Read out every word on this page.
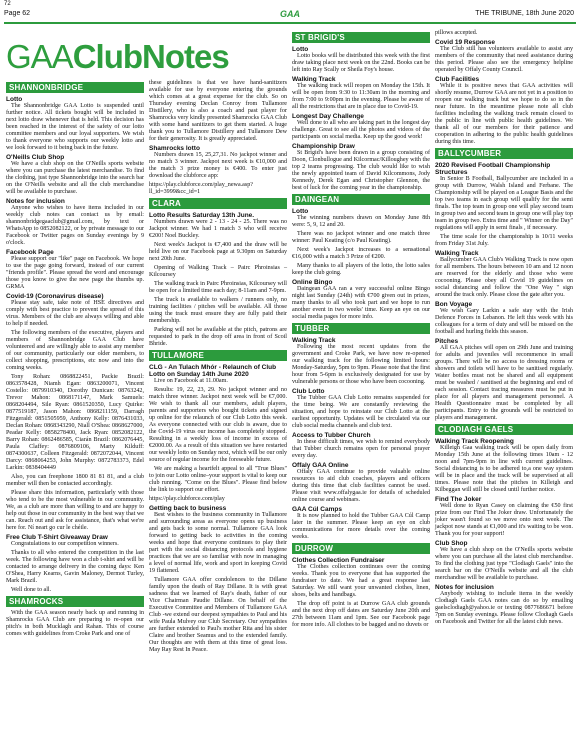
72
Page 62	GAA	THE TRIBUNE, 18th June 2020
GAAClubNotes
SHANNONBRIDGE
Lotto

The Shannonbridge GAA Lotto is suspended until further notice. All tickets bought will be included in next lotto draw whenever that is held. This decision has been reached in the interest of the safety of our lotto committee members and our loyal supporters. We wish to thank everyone who supports our weekly lotto and we look forward to it being back in the future.

O'Neills Club Shop

We have a club shop on the O'Neills sports website where you can purchase the latest merchandise. To find the clothing, just type Shannonbridge into the search bar on the O'Neills website and all the club merchandise will be available to purchase.

Notes for inclusion

Anyone who wishes to have items included in our weekly club notes can contact us by email: shannonbridgegaaclub@gmail.com, by text or WhatsApp to 0852082122, or by private message to our Facebook or Twitter pages on Sunday evenings by 9 o'clock.

Facebook Page

Please support our "like" page on Facebook. We hope to use the page going forward, instead of our current "friends profile". Please spread the word and encourage those you know to give the new page the thumbs up. GRMA

Covid-19 (Coronavirus disease)

Please stay safe, take note of HSE directives and comply with best practice to prevent the spread of this virus. Members of the club are always willing and able to help if needed.

The following members of the executive, players and members of Shannonbridge GAA Club have volunteered and are willingly able to assist any member of our community, particularly our older members, to collect shopping, prescriptions, etc now and into the coming weeks.

Tony Rohan: 0868822451, Packie Brazil: 0863578428, Niamh Egan: 0863200071, Vincent Costello: 0879910340, Dorothy Dunican: 08763242, Trevor Mahon: 0868171147, Mark Samuels: 0868204494, Sile Ryan: 0861520350, Lucy Quirke: 0877519187, Jason Mahon: 0868211159, Darragh Fitzgerald: 0851505959, Anthony Kelly: 0876431033, Declan Rohan: 0868343290, Niall O'Shea: 0868627000, Peadar Kelly: 0858278400, Jack Ryan: 0852082122, Barry Rohan: 0862486585, Ciarán Brazil: 0862076445, Paula Claffey: 0876809106, Marty Kilduff: 0874300637, Colleen Fitzgerald: 0872072044, Vincent Darcy: 0868064253, John Murphy: 0872783373, Edel Larkin: 0838404449

Also, you can freephone 1800 81 81 81, and a club member will then be contacted accordingly.

Please share this information, particularly with those who tend to be the most vulnerable in our community. We, as a club are more than willing to and are happy to help out those in our community in the best way that we can. Reach out and ask for assistance, that's what we're here for. Ní neart go cur le chéile.

Free Club T-Shirt Giveaway Draw

Congratulations to our competition winners.

Thanks to all who entered the competition in the last week. The following have won a club t-shirt and will be contacted to arrange delivery in the coming days: Ken O'Shea, Harry Kearns, Gavin Maloney, Dermot Turley, Mark Brazil.

Well done to all.

SHAMROCKS

With the GAA season nearly back up and running in Shamrocks GAA Club are preparing to re-open our pitch's in both Mucklagh and Rahan. This of course comes with guidelines from Croke Park and one of

these guidelines is that we have hand-sanitizers available for use by everyone entering the grounds which comes at a great expense for the club. So on Thursday evening Declan Conroy from Tullamore Distillery, who is also a coach and past player for Shamrocks very kindly presented Shamrocks GAA Club with some hand sanitizers to get them started. A huge thank you to Tullamore Distillery and Tullamore Dew for their generosity. It is greatly appreciated.

Shamrocks lotto

Numbers drawn 15, 25,27,31. No jackpot winner and no match 3 winner. Jackpot next week is €10,000 and the match 3 prize money is €400. To enter just download the clubforce app:

https://play.clubforce.com/play_newa.asp?ll_id=3999&cc_id=1

CLARA
Lotto Results Saturday 13th June.

Numbers drawn were 2 - 13 - 24 - 25. There was no Jackpot winner. We had 1 match 3 who will receive €200! Noel Buckley.

Next week's Jackpot is €7,400 and the draw will be held live on our Facebook page at 9.30pm on Saturday next 20th June.

Opening of Walking Track – Pairc Phroinsias – Kilcoursey

The walking track in Pairc Phroinsias, Kilcoursey will be open for a limited time each day; 8-11am and 7-9pm.

The track is available to walkers / runners only, no training facilities / pitches will be available. All those using the track must ensure they are fully paid their membership.

Parking will not be available at the pitch, patrons are requested to park in the drop off area in front of Scoil Bhride.

TULLAMORE
CLG - An Tulach Mhór - Relaunch of Club Lotto on Sunday 14th June 2020

Live on Facebook at 11.00am.

Results: 19, 22, 23, 29. No jackpot winner and no match three winner. Jackpot next week will be €7,000. We wish to thank all our members, adult players, parents and supporters who bought tickets and signed up online for the relaunch of our Club Lotto this week. As everyone connected with our club is aware, due to the Covid-19 virus our income has completely stopped. Resulting in a weekly loss of income in excess of €2000.00. As a result of this situation we have restarted our weekly lotto on Sunday next, which will be our only source of regular income for the foreseable future.

We are making a heartfelt appeal to all "True Blues" to join our Lotto online–your support is vital to keep our club running. "Come on the Blues". Please find below the link to support our effort.

https://play.clubforce.com/play

Getting back to business

Best wishes to the business community in Tullamore and surrounding areas as everyone opens up business and gets back to some normal. Tullamore GAA look forward to getting back to activities in the coming weeks and hope that everyone continues to play their part with the social distancing protocols and hygiene practices that we are so familiar with now in managing a level of normal life, work and sport in keeping Covid 19 flattened.

Tullamore GAA offer condolences to the Dillane family upon the death of Ray Dillane. It is with great sadness that we learned of Ray's death, father of our Vice Chairman Paudie Dillane. On behalf of the Executive Committee and Members of Tullamore GAA Club -we extend our deepest sympathies to Paul and his wife Paula Mulvey our Club Secretary. Our sympathies are further extended to Paul's mother Rita and his sister Claire and brother Seamus and to the extended family. Our thoughts are with them at this time of great loss. May Ray Rest In Peace.

ST BRIGID'S
Lotto

Lotto books will be distributed this week with the first draw taking place next week on the 22nd. Books can be left into Ray Scally or Sheila Foy's house.

Walking Track

The walking track will reopen on Monday the 15th. It will be open from 9:30 to 11:30am in the morning and from 7:00 to 9:00pm in the evening. Please be aware of all the restrictions that are in place due to Covid-19.

Longest Day Challenge

Well done to all who are taking part in the longest day challenge. Great to see all the photos and videos of the participants on social media. Keep up the good work!

Championship Draw

St Brigid's have been drawn in a group consisting of Doon, Clonbullogue and Kilcormac/Killoughey with the top 2 teams progressing. The club would like to wish the newly appointed team of David Kilcommons, Jody Kennedy, Derek Egan and Christopher Glennon, the best of luck for the coming year in the championship.

DAINGEAN
Lotto

The winning numbers drawn on Monday June 8th were: 5, 9, 12 and 20.

There was no jackpot winner and one match three winner: Paul Keating (c/o Paul Keating).

Next week's Jackpot increases to a sensational €16,000 with a match 3 Prize of €200.

Many thanks to all players of the lotto, the lotto sales keep the club going.

Online Bingo

Daingean GAA ran a very successful online Bingo night last Sunday (24th) with €700 given out in prizes, many thanks to all who took part and we hope to run another event in two weeks' time. Keep an eye on our social media pages for more info.

TUBBER
Walking Track

Following the most recent updates from the government and Croke Park, we have now re-opened our walking track for the following limited hours: Monday-Saturday, 5pm to 9pm. Please note that the first hour from 5-6pm is exclusively designated for use by vulnerable persons or those who have been cocooning.

Club Lotto

The Tubber GAA Club Lotto remains suspended for the time being. We are constantly reviewing the situation, and hope to reinstate our Club Lotto at the earliest opportunity. Updates will be circulated via our club social media channels and club text.

Access to Tubber Church

In these difficult times, we wish to remind everybody that Tubber church remains open for personal prayer every day.

Offaly GAA Online

Offaly GAA continue to provide valuable online resources to aid club coaches, players and officers during this time that club facilities cannot be used. Please visit www.offalygaa.ie for details of scheduled online course and webinars.

GAA Cúl Camps

It is now planned to hold the Tubber GAA Cúl Camp later in the summer. Please keep an eye on club communications for more details over the coming weeks.

DURROW
Clothes Collection Fundraiser

The Clothes collection continues over the coming weeks. Thank you to everyone that has supported the fundraiser to date. We had a great response last Saturday. We still want your unwanted clothes, linen, shoes, belts and handbags.

The drop off point is at Durrow GAA club grounds and the next drop off dates are Saturday June 20th and 27th between 11am and 1pm. See our Facebook page for more info. All clothes to be bagged and no duvets or

pillows accepted.

Covid 19 Response

The Club still has volunteers available to assist any members of the community that need assistance during this period. Please also see the emergency helpline operated by Offaly County Council.

Club Facilities

While it is positive news that GAA activities will shortly resume, Durrow GAA are not yet in a position to reopen our walking track but we hope to do so in the near future. In the meantime please note all club facilities including the walking track remain closed to the public in line with public health guidelines. We thank all of our members for their patience and cooperation in adhering to the public health guidelines during this time.

BALLYCUMBER
2020 Revised Football Championship Structures

In Senior B Football, Ballycumber are included in a group with Durrow, Walsh Island and Ferbane. The Championship will be played on a League Basis and the top two teams in each group will qualify for the semi finals. The top team in group one will play second team in group two and second team in group one will play top team in group two. Extra time and " Winner on the Day" regulations will apply in semi finals , if necessary.

The time scale for the championship is 10/11 weeks from Friday 31st July.

Walking Track

Ballycumber GAA Club's Walking Track is now open for all members. The hours between 10 am and 12 noon are reserved for the elderly and those who were cocooning. Please obey all Covid 19 guidelines on social distancing and follow the "One Way " sign around the track only. Please close the gate after you.

Bon Voyage

We wish Gary Larkin a safe stay with the Irish Defence Forces in Lebanon. He left this week with his colleagues for a term of duty and will be missed on the football and hurling fields this season.

Pitches

All GAA pitches will open on 29th June and training for adults and juveniles will recommence in small groups. There will be no access to dressing rooms or showers and toilets will have to be sanitised regularly. Water bottles must not be shared and all equipment must be washed / sanitised at the beginning and end of each session. Contact tracing measures must be put in place for all players and management personnel. A Health Questionnaire must be completed by all participants. Entry to the grounds will be restricted to players and management.

CLODIAGH GAELS
Walking Track Reopening

Killeigh Gaa walking track will be open daily from Monday 15th June at the following times 10am - 12 noon and 7pm-9pm in line with current guidelines. Social distancing is to be adhered to,a one way system will be in place and the track will be supervised at all times. Please note that the pitches in Killeigh and Kilbeggan will still be closed until further notice.

Find The Joker

Well done to Ryan Casey on claiming the €50 first prize from our Find The Joker draw. Unfortunately the joker wasn't found so we move onto next week. The jackpot now stands at €1,000 and it's waiting to be won. Thank you for your support!

Club Shop

We have a club shop on the O'Neills sports website where you can purchase all the latest club merchandise. To find the clothing just type "Clodiagh Gaels" into the search bar on the O'Neills website and all the club merchandise will be available to purchase.

Notes for inclusion

Anybody wishing to include items in the weekly Clodiagh Gaels GAA notes can do so by emailing gaelsclodiagh@yahoo.ie or texting 0877686671 before 7pm on Sunday evenings. Please follow Clodiagh Gaels on Facebook and Twitter for all the latest club news.
